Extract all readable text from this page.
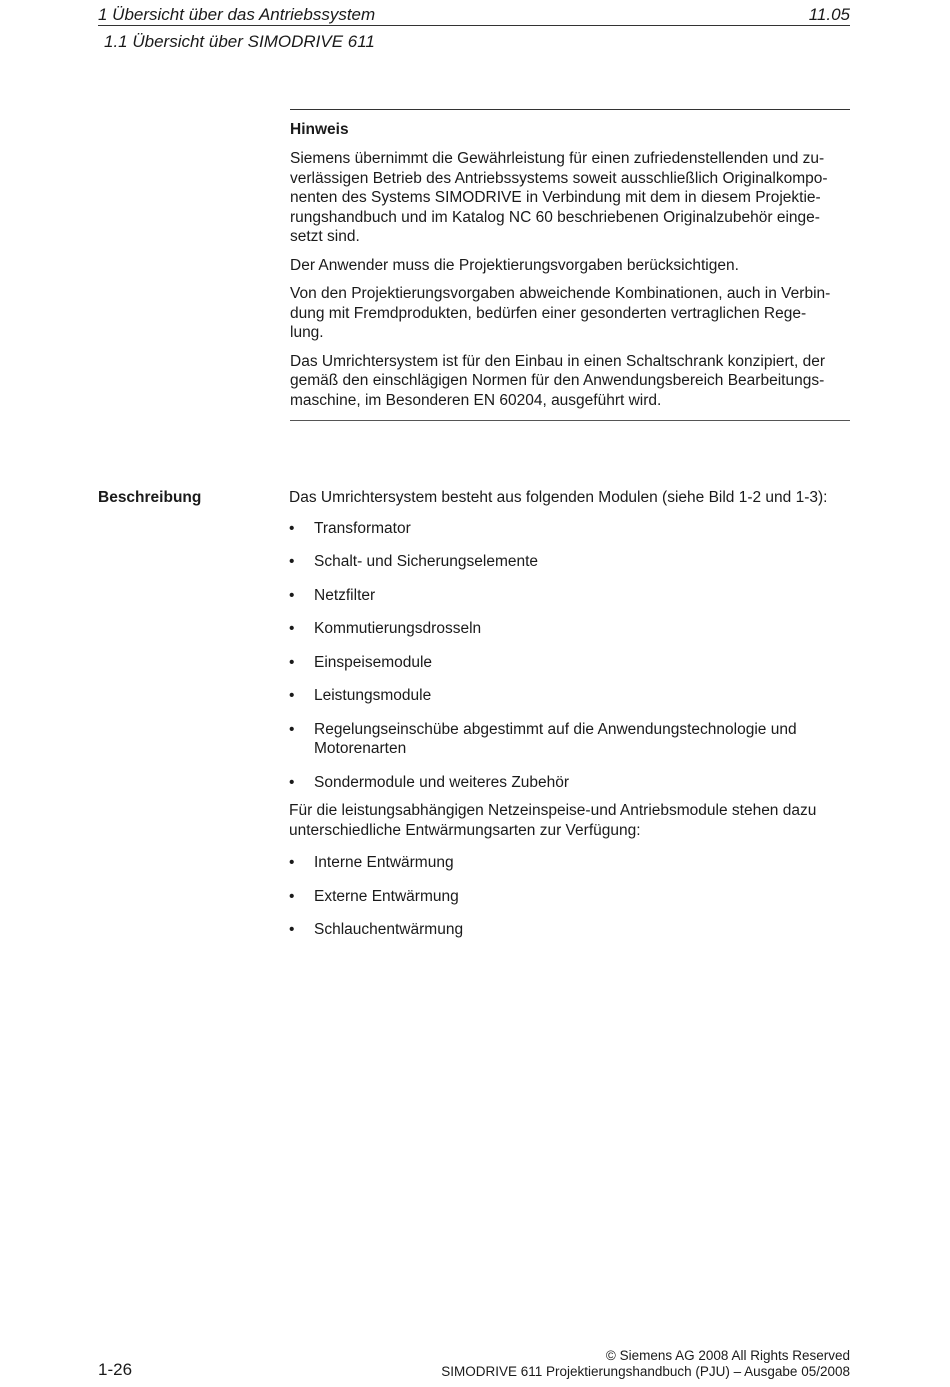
1 Übersicht über das Antriebssystem	11.05
1.1 Übersicht über SIMODRIVE 611
Hinweis

Siemens übernimmt die Gewährleistung für einen zufriedenstellenden und zu-
verlässigen Betrieb des Antriebssystems soweit ausschließlich Originalkompo-
nenten des Systems SIMODRIVE in Verbindung mit dem in diesem Projektie-
rungshandbuch und im Katalog NC 60 beschriebenen Originalzubehör einge-
setzt sind.

Der Anwender muss die Projektierungsvorgaben berücksichtigen.

Von den Projektierungsvorgaben abweichende Kombinationen, auch in Verbin-
dung mit Fremdprodukten, bedürfen einer gesonderten vertraglichen Rege-
lung.

Das Umrichtersystem ist für den Einbau in einen Schaltschrank konzipiert, der
gemäß den einschlägigen Normen für den Anwendungsbereich Bearbeitungs-
maschine, im Besonderen EN 60204, ausgeführt wird.

Beschreibung	Das Umrichtersystem besteht aus folgenden Modulen (siehe Bild 1-2 und 1-3):

• Transformator
• Schalt- und Sicherungselemente
• Netzfilter
• Kommutierungsdrosseln
• Einspeisemodule
• Leistungsmodule
• Regelungseinschübe abgestimmt auf die Anwendungstechnologie und
Motorenarten
• Sondermodule und weiteres Zubehör

Für die leistungsabhängigen Netzeinspeise-und Antriebsmodule stehen dazu
unterschiedliche Entwärmungsarten zur Verfügung:

• Interne Entwärmung
• Externe Entwärmung
• Schlauchentwärmung
1-26
© Siemens AG 2008 All Rights Reserved
SIMODRIVE 611 Projektierungshandbuch (PJU) – Ausgabe 05/2008
